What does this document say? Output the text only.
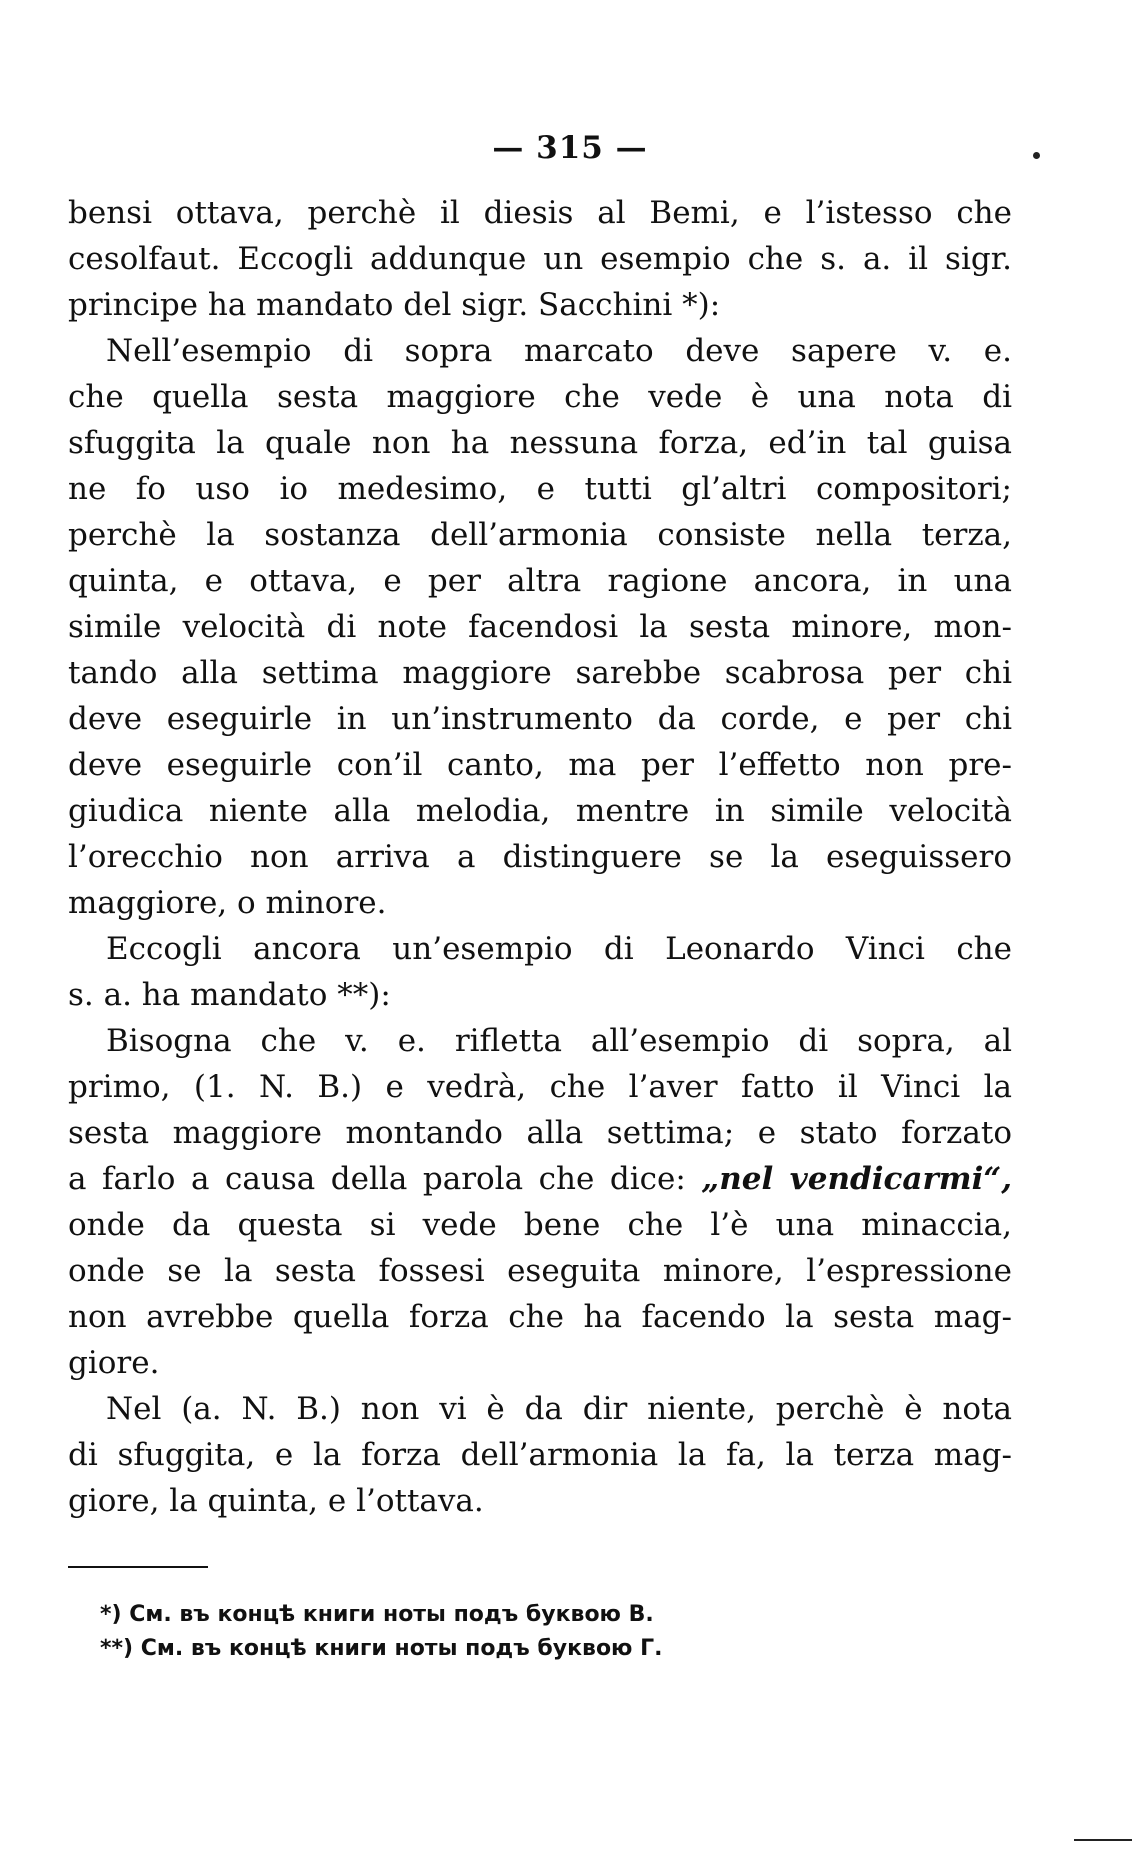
— 315 —
bensi ottava, perchè il diesis al Bemi, e l’istesso che
cesolfaut. Eccogli addunque un esempio che s. a. il sigr.
principe ha mandato del sigr. Sacchini *):
Nell’esempio di sopra marcato deve sapere v. e.
che quella sesta maggiore che vede è una nota di
sfuggita la quale non ha nessuna forza, ed’in tal guisa
ne fo uso io medesimo, e tutti gl’altri compositori;
perchè la sostanza dell’armonia consiste nella terza,
quinta, e ottava, e per altra ragione ancora, in una
simile velocità di note facendosi la sesta minore, mon-
tando alla settima maggiore sarebbe scabrosa per chi
deve eseguirle in un’instrumento da corde, e per chi
deve eseguirle con’il canto, ma per l’effetto non pre-
giudica niente alla melodia, mentre in simile velocità
l’orecchio non arriva a distinguere se la eseguissero
maggiore, o minore.
Eccogli ancora un’esempio di Leonardo Vinci che
s. a. ha mandato **):
Bisogna che v. e. rifletta all’esempio di sopra, al
primo, (1. N. B.) e vedrà, che l’aver fatto il Vinci la
sesta maggiore montando alla settima; e stato forzato
a farlo a causa della parola che dice: „nel vendicarmi“,
onde da questa si vede bene che l’è una minaccia,
onde se la sesta fossesi eseguita minore, l’espressione
non avrebbe quella forza che ha facendo la sesta mag-
giore.
Nel (a. N. B.) non vi è da dir niente, perchè è nota
di sfuggita, e la forza dell’armonia la fa, la terza mag-
giore, la quinta, e l’ottava.
*) См. въ концѣ книги ноты подъ буквою В.
**) См. въ концѣ книги ноты подъ буквою Г.
